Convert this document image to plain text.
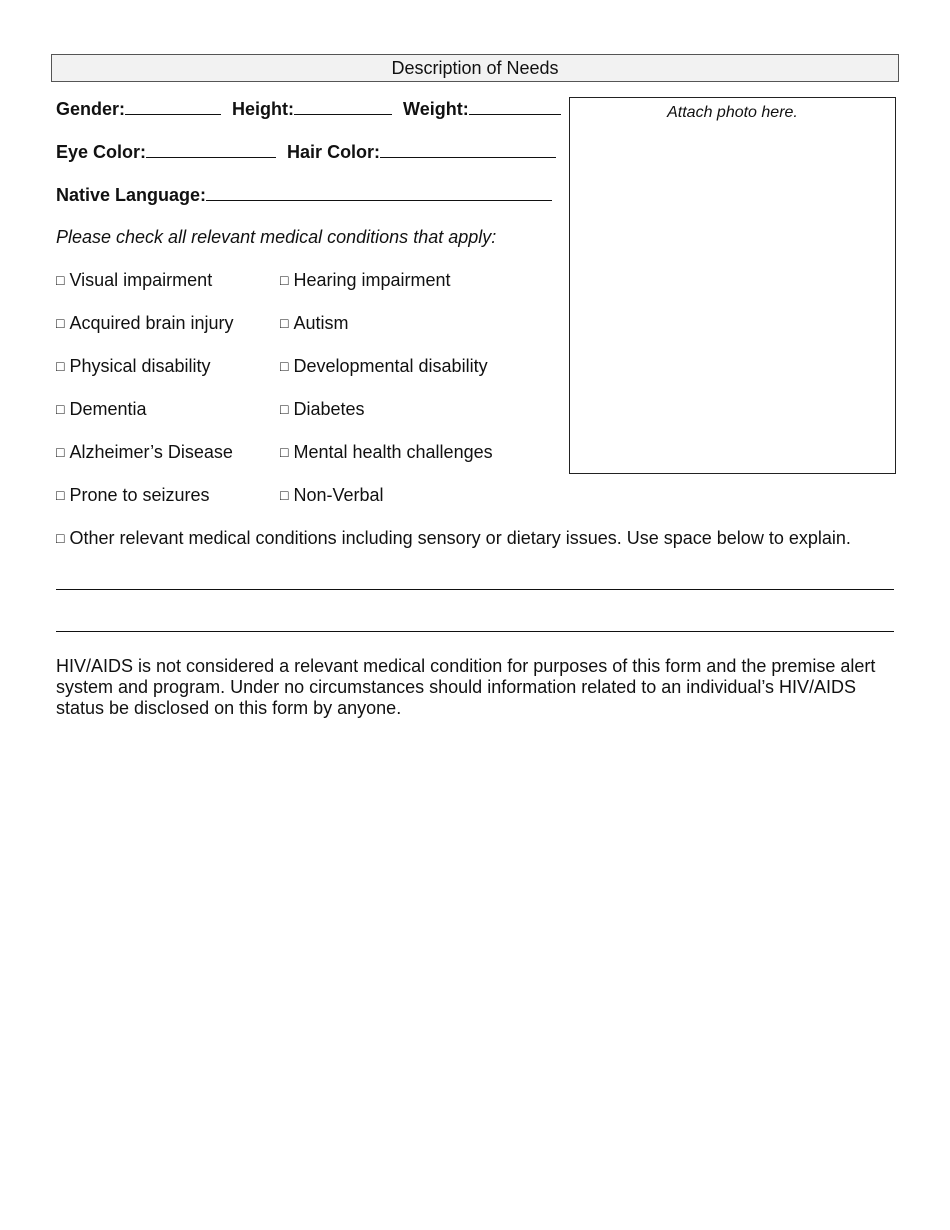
Description of Needs
Attach photo here.
Gender:	Height:	Weight:
Eye Color:	Hair Color:
Native Language:
Please check all relevant medical conditions that apply:
□ Visual impairment
□ Acquired brain injury
□ Physical disability
□ Dementia
□ Alzheimer’s Disease
□ Prone to seizures
□ Hearing impairment
□ Autism
□ Developmental disability
□ Diabetes
□ Mental health challenges
□ Non-Verbal
□ Other relevant medical conditions including sensory or dietary issues. Use space below to explain.
HIV/AIDS is not considered a relevant medical condition for purposes of this form and the premise alert system and program. Under no circumstances should information related to an individual’s HIV/AIDS status be disclosed on this form by anyone.
